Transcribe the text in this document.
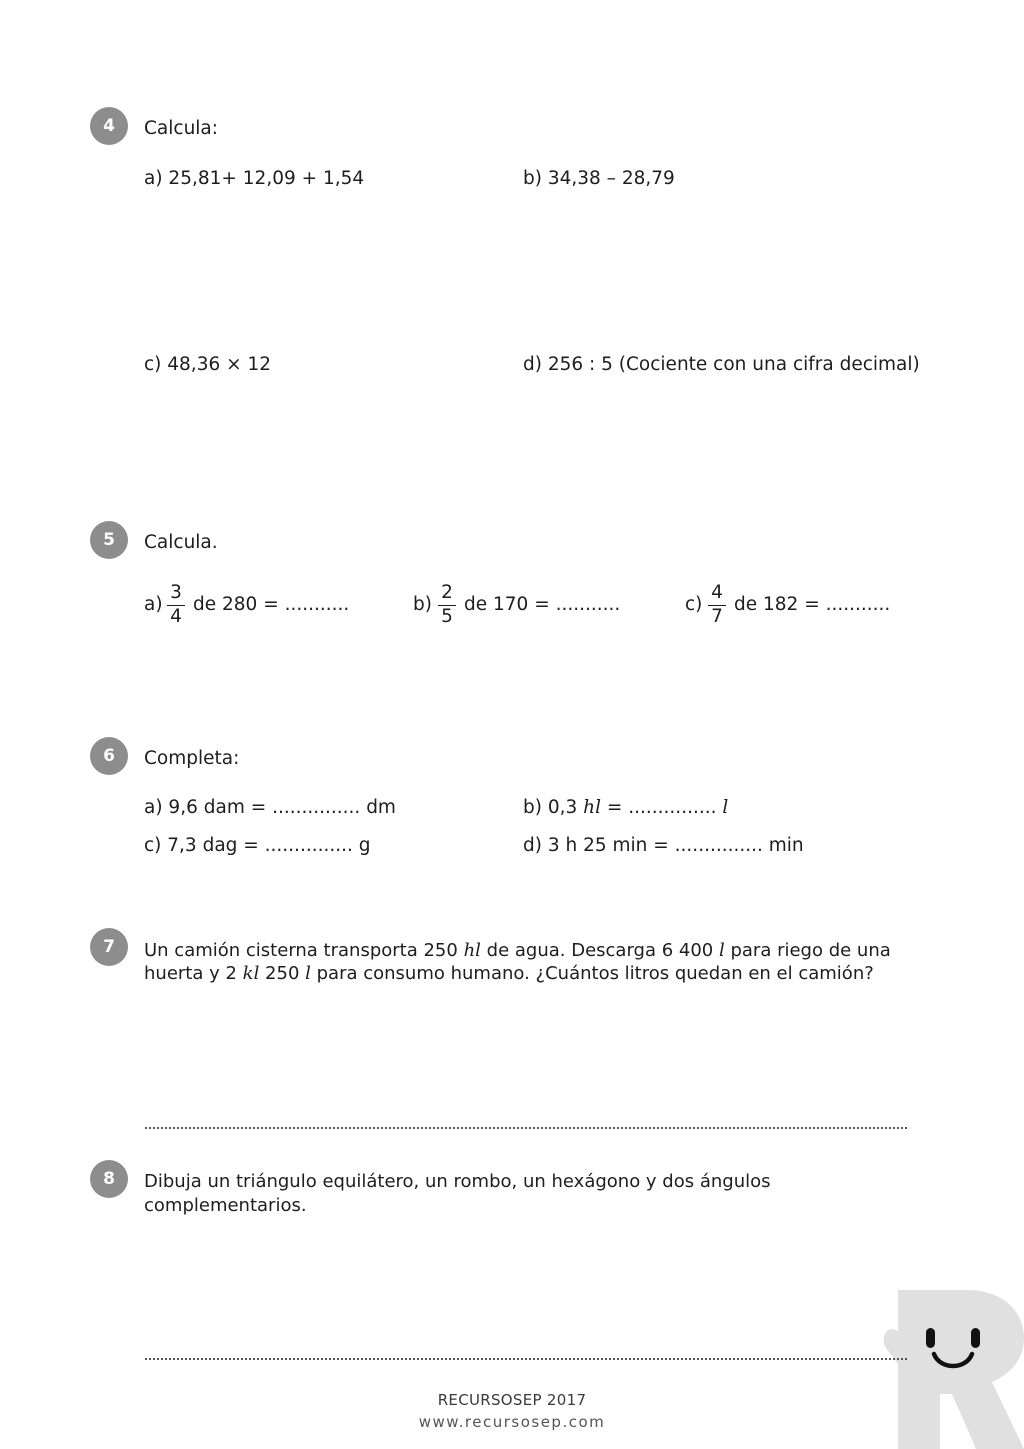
4 Calcula:
a) 25,81+ 12,09 + 1,54	b) 34,38 – 28,79
c) 48,36 × 12	d) 256 : 5 (Cociente con una cifra decimal)
5 Calcula.
a)
3
4
de 280 = ...........	b)
2
5
de 170 = ...........	c)
4
7
de 182 = ...........
6 Completa:
a) 9,6 dam = ............... dm	b) 0,3 hl = ............... l
c) 7,3 dag = ............... g	d) 3 h 25 min = ............... min
7 Un camión cisterna transporta 250 hl de agua. Descarga 6 400 l para riego de una
huerta y 2 kl 250 l para consumo humano. ¿Cuántos litros quedan en el camión?
8 Dibuja un triángulo equilátero, un rombo, un hexágono y dos ángulos
complementarios.
RECURSOSEP 2017
www.recursosep.com
